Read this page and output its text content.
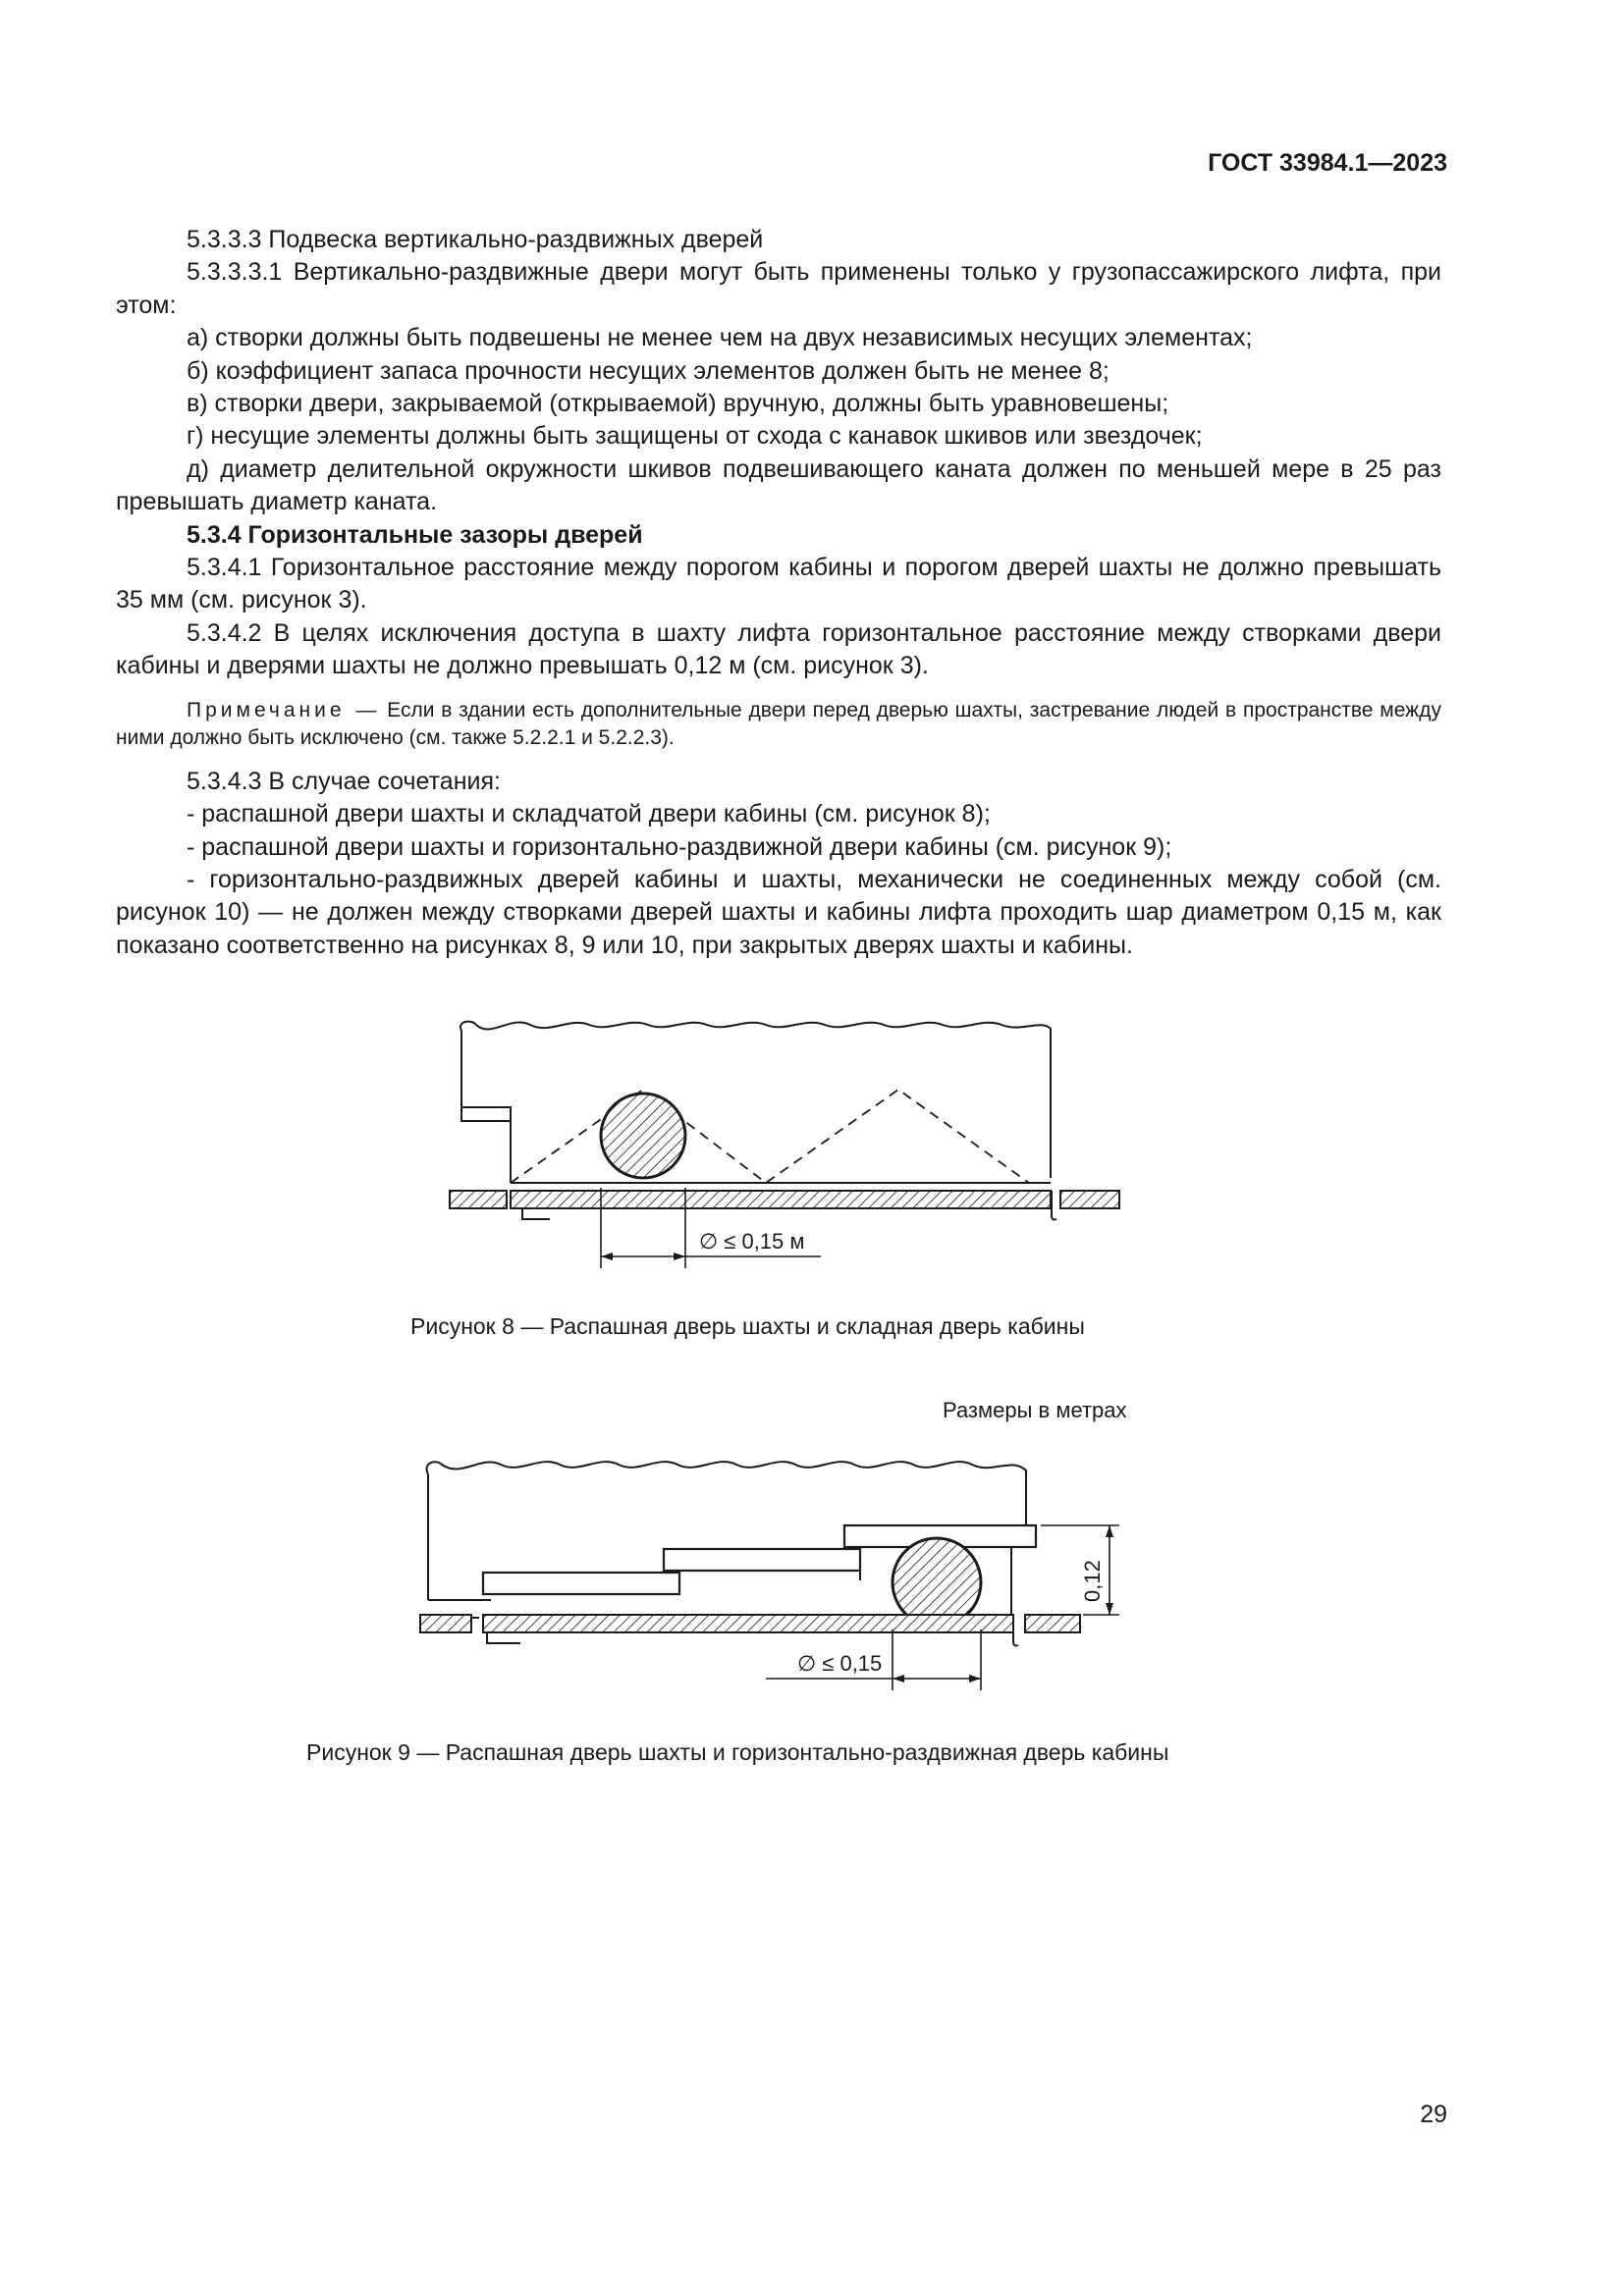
ГОСТ 33984.1—2023

5.3.3.3 Подвеска вертикально-раздвижных дверей

5.3.3.3.1 Вертикально-раздвижные двери могут быть применены только у грузопассажирского лифта, при этом:

а) створки должны быть подвешены не менее чем на двух независимых несущих элементах;

б) коэффициент запаса прочности несущих элементов должен быть не менее 8;

в) створки двери, закрываемой (открываемой) вручную, должны быть уравновешены;

г) несущие элементы должны быть защищены от схода с канавок шкивов или звездочек;

д) диаметр делительной окружности шкивов подвешивающего каната должен по меньшей мере в 25 раз превышать диаметр каната.

5.3.4 Горизонтальные зазоры дверей

5.3.4.1 Горизонтальное расстояние между порогом кабины и порогом дверей шахты не должно превышать 35 мм (см. рисунок 3).

5.3.4.2 В целях исключения доступа в шахту лифта горизонтальное расстояние между створками двери кабины и дверями шахты не должно превышать 0,12 м (см. рисунок 3).

Примечание — Если в здании есть дополнительные двери перед дверью шахты, застревание людей в пространстве между ними должно быть исключено (см. также 5.2.2.1 и 5.2.2.3).

5.3.4.3 В случае сочетания:

- распашной двери шахты и складчатой двери кабины (см. рисунок 8);

- распашной двери шахты и горизонтально-раздвижной двери кабины (см. рисунок 9);

- горизонтально-раздвижных дверей кабины и шахты, механически не соединенных между собой (см. рисунок 10) — не должен между створками дверей шахты и кабины лифта проходить шар диаметром 0,15 м, как показано соответственно на рисунках 8, 9 или 10, при закрытых дверях шахты и кабины.

∅ ≤ 0,15 м
Рисунок 8 — Распашная дверь шахты и складная дверь кабины
Размеры в метрах
0,12
∅ ≤ 0,15
Рисунок 9 — Распашная дверь шахты и горизонтально-раздвижная дверь кабины
29
